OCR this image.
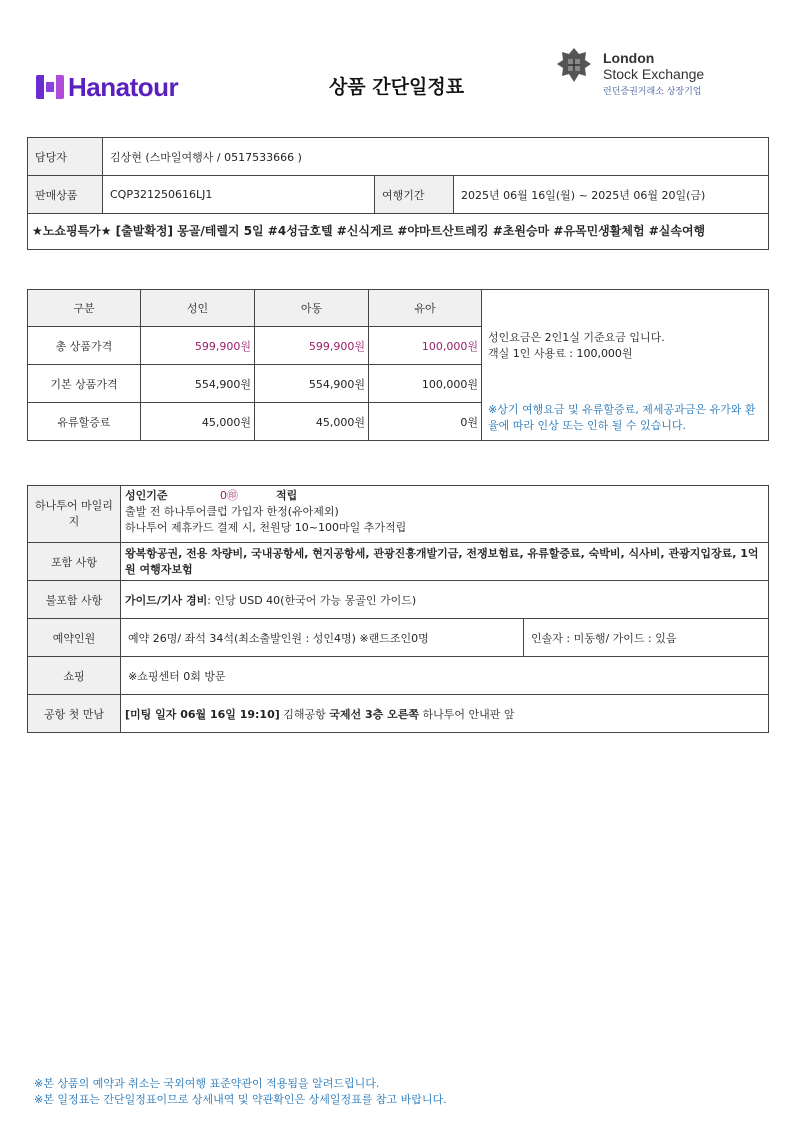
Hanatour	상품 간단일정표
London
Stock Exchange
런던증권거래소 상장기업
담당자	김상현 (스마일여행사 / 0517533666 )		
판매상품	CQP321250616LJ1	여행기간	2025년 06월 16일(월) ~ 2025년 06월 20일(금)
★노쇼핑특가★ [출발확정] 몽골/테렐지 5일 #4성급호텔 #신식게르 #야마트산트레킹 #초원승마 #유목민생활체험 #실속여행			
구분	성인	아동	유아	성인요금은 2인1실 기준요금 입니다.
객실 1인 사용료 : 100,000원
※상기 여행요금 및 유류할증료, 제세공과금은 유가와 환율에 따라 인상 또는 인하 될 수 있습니다.

총 상품가격	599,900원	599,900원	100,000원	
기본 상품가격	554,900원	554,900원	100,000원	
유류할증료	45,000원	45,000원	0원	
하나투어 마일리지	성인기준 0㊞ 적립
출발 전 하나투어클럽 가입자 한정(유아제외)
하나투어 제휴카드 결제 시, 천원당 10~100마일 추가적립	

포함 사항	왕복항공권, 전용 차량비, 국내공항세, 현지공항세, 관광진흥개발기금, 전쟁보험료, 유류할증료, 숙박비, 식사비, 관광지입장료, 1억원 여행자보험	
불포함 사항	가이드/기사 경비: 인당 USD 40(한국어 가능 몽골인 가이드)	
예약인원	예약 26명/ 좌석 34석(최소출발인원 : 성인4명) ※랜드조인0명	인솔자 : 미동행/ 가이드 : 있음
쇼핑	※쇼핑센터 0회 방문	
공항 첫 만남	[미팅 일자 06월 16일 19:10] 김해공항 국제선 3층 오른쪽 하나투어 안내판 앞	
※본 상품의 예약과 취소는 국외여행 표준약관이 적용됨을 알려드립니다.
※본 일정표는 간단일정표이므로 상세내역 및 약관확인은 상세일정표를 참고 바랍니다.
